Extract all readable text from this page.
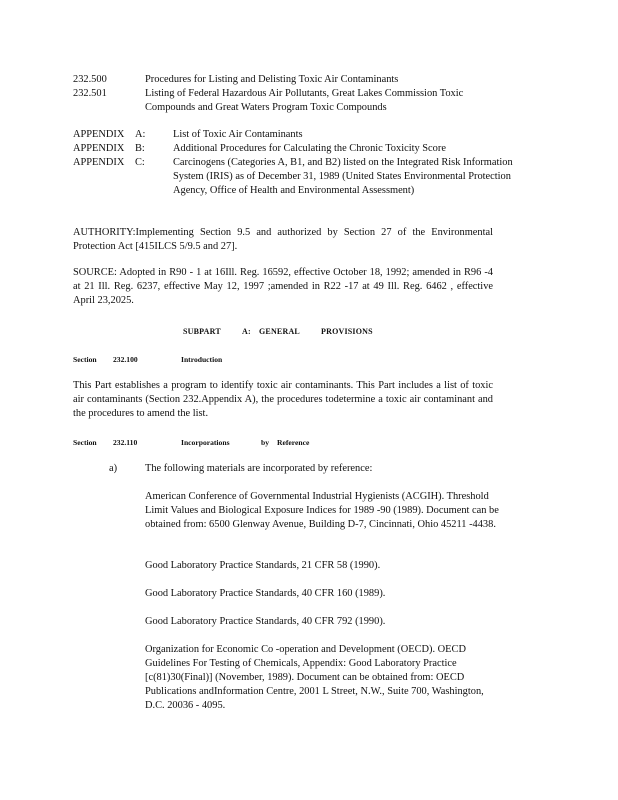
232.500	Procedures for Listing and Delisting Toxic Air Contaminants
232.501	Listing of Federal Hazardous Air Pollutants, Great Lakes Commission Toxic Compounds and Great Waters Program Toxic Compounds
APPENDIX A:	List of Toxic Air Contaminants
APPENDIX B:	Additional Procedures for Calculating the Chronic Toxicity Score
APPENDIX C:	Carcinogens (Categories A, B1, and B2) listed on the Integrated Risk Information System (IRIS) as of December 31, 1989 (United States Environmental Protection Agency, Office of Health and Environmental Assessment)
AUTHORITY:Implementing Section 9.5 and authorized by Section 27 of the Environmental Protection Act [415ILCS 5/9.5 and 27].
SOURCE: Adopted in R90 - 1 at 16Ill. Reg. 16592, effective October 18, 1992; amended in R96 -4 at 21 Ill. Reg. 6237, effective May 12, 1997 ;amended in R22 -17 at 49 Ill. Reg. 6462 , effective April 23,2025.
SUBPART	A: GENERAL	PROVISIONS
Section 232.100	Introduction
This Part establishes a program to identify toxic air contaminants. This Part includes a list of toxic air contaminants (Section 232.Appendix A), the procedures todetermine a toxic air contaminant and the procedures to amend the list.
Section 232.110	Incorporations	by Reference
a)	The following materials are incorporated by reference:
American Conference of Governmental Industrial Hygienists (ACGIH). Threshold Limit Values and Biological Exposure Indices for 1989 -90 (1989). Document can be obtained from: 6500 Glenway Avenue, Building D-7, Cincinnati, Ohio 45211 -4438.
Good Laboratory Practice Standards, 21 CFR 58 (1990).
Good Laboratory Practice Standards, 40 CFR 160 (1989).
Good Laboratory Practice Standards, 40 CFR 792 (1990).
Organization for Economic Co -operation and Development (OECD). OECD Guidelines For Testing of Chemicals, Appendix: Good Laboratory Practice [c(81)30(Final)] (November, 1989). Document can be obtained from: OECD Publications andInformation Centre, 2001 L Street, N.W., Suite 700, Washington, D.C. 20036 - 4095.
